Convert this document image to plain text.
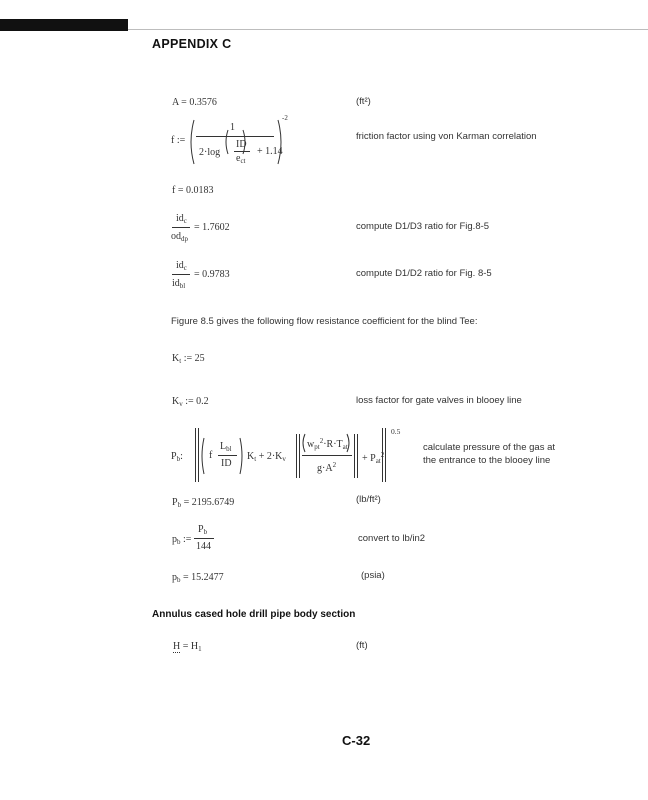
APPENDIX C
A = 0.3576	(ft²)
f :=
1
2·log
ID
$e_{ct}$
+ 1.14
-2
friction factor using von Karman correlation
f = 0.0183
$id_c$
$od_{dp}$
= 1.7602	compute D1/D3 ratio for Fig.8-5
$id_c$
$id_{bl}$
= 0.9783	compute D1/D2 ratio for Fig. 8-5
Figure 8.5 gives the following flow resistance coefficient for the blind Tee:
$K_t$ := 25
$K_v$ := 0.2	loss factor for gate valves in blooey line
$P_b$:	f
$L_{bl}$
ID
$K_t + 2\cdot K_v$
$w_{pt}^2\cdot R\cdot T_{at}$
$g\cdot A^2$
+ $P_{at}^2$
0.5
calculate pressure of the gas at
the entrance to the blooey line
$P_b = 2195.6749$	(lb/ft²)
$p_b$ :=
$P_b$
144
convert to lb/in2
$p_b = 15.2477$	(psia)
Annulus cased hole drill pipe body section
$H = H_1$	(ft)
C-32
